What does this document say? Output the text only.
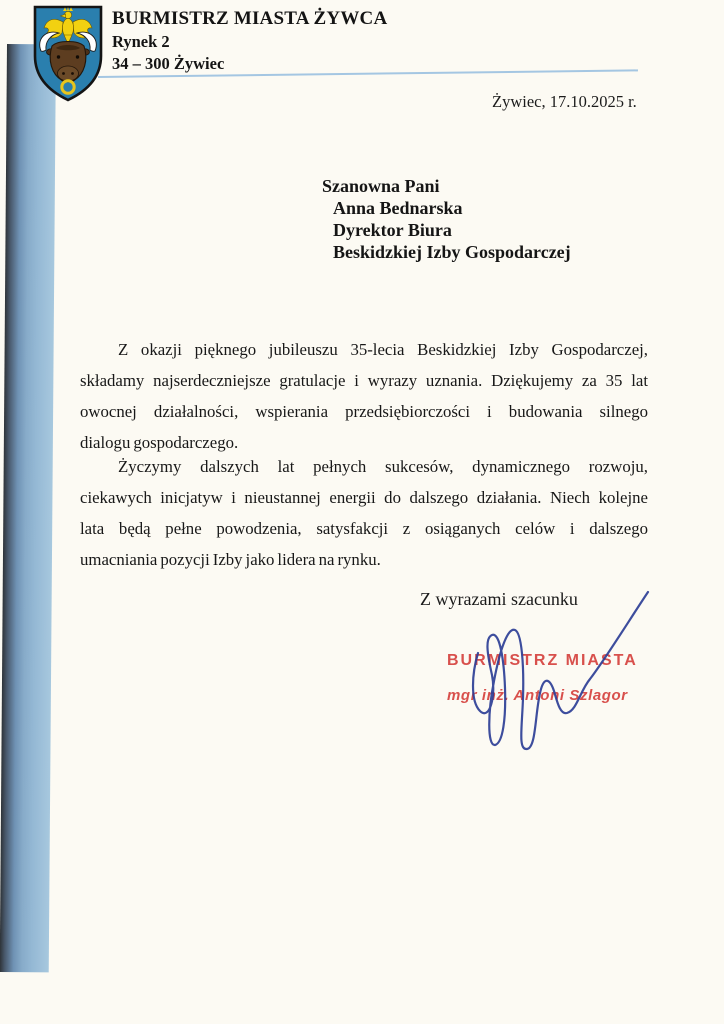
BURMISTRZ MIASTA ŻYWCA
Rynek 2
34 – 300 Żywiec
Żywiec, 17.10.2025 r.
Szanowna Pani
Anna Bednarska
Dyrektor Biura
Beskidzkiej Izby Gospodarczej
Z okazji pięknego jubileuszu 35-lecia Beskidzkiej Izby Gospodarczej,
składamy najserdeczniejsze gratulacje i wyrazy uznania. Dziękujemy za 35 lat
owocnej działalności, wspierania przedsiębiorczości i budowania silnego
dialogu gospodarczego.
Życzymy dalszych lat pełnych sukcesów, dynamicznego rozwoju,
ciekawych inicjatyw i nieustannej energii do dalszego działania. Niech kolejne
lata będą pełne powodzenia, satysfakcji z osiąganych celów i dalszego
umacniania pozycji Izby jako lidera na rynku.
Z wyrazami szacunku
BURMISTRZ MIASTA
mgr inż. Antoni Szlagor
